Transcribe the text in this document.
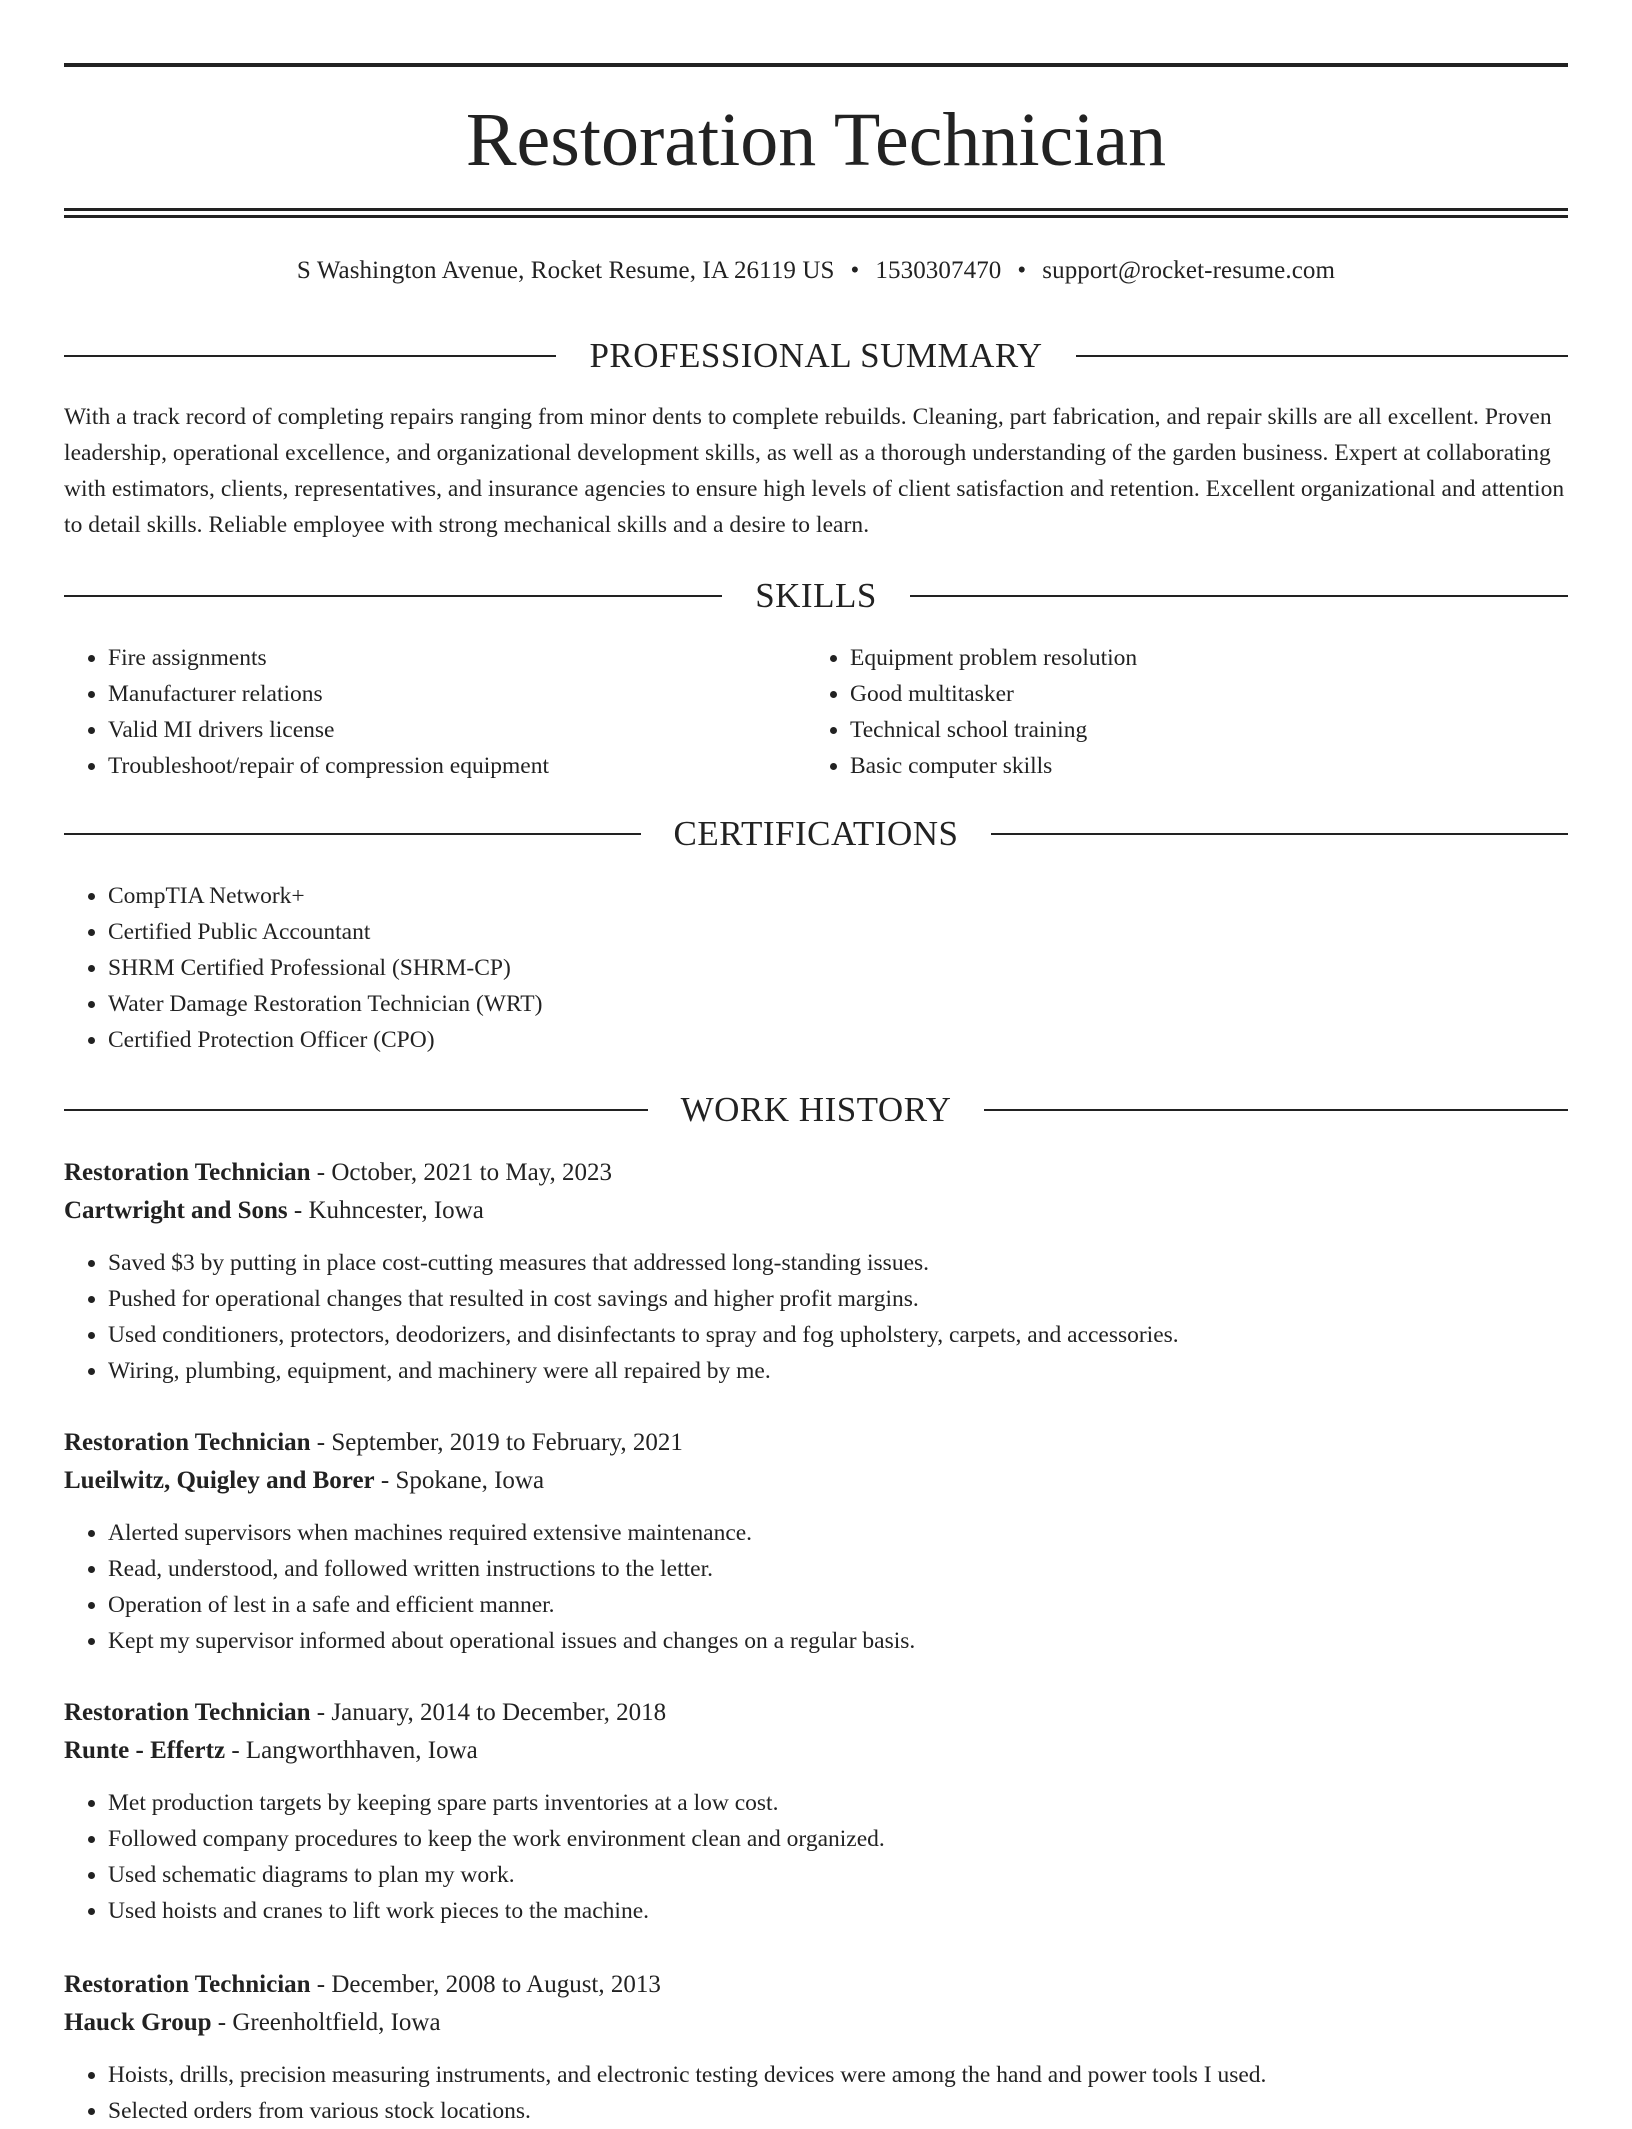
Restoration Technician
S Washington Avenue, Rocket Resume, IA 26119 US • 1530307470 • support@rocket-resume.com
PROFESSIONAL SUMMARY

With a track record of completing repairs ranging from minor dents to complete rebuilds. Cleaning, part fabrication, and repair skills are all excellent. Proven leadership, operational excellence, and organizational development skills, as well as a thorough understanding of the garden business. Expert at collaborating with estimators, clients, representatives, and insurance agencies to ensure high levels of client satisfaction and retention. Excellent organizational and attention to detail skills. Reliable employee with strong mechanical skills and a desire to learn.

SKILLS
• Fire assignments
• Manufacturer relations
• Valid MI drivers license
• Troubleshoot/repair of compression equipment
• Equipment problem resolution
• Good multitasker
• Technical school training
• Basic computer skills
CERTIFICATIONS
• CompTIA Network+
• Certified Public Accountant
• SHRM Certified Professional (SHRM-CP)
• Water Damage Restoration Technician (WRT)
• Certified Protection Officer (CPO)
WORK HISTORY
Restoration Technician - October, 2021 to May, 2023
Cartwright and Sons - Kuhncester, Iowa
• Saved $3 by putting in place cost-cutting measures that addressed long-standing issues.
• Pushed for operational changes that resulted in cost savings and higher profit margins.
• Used conditioners, protectors, deodorizers, and disinfectants to spray and fog upholstery, carpets, and accessories.
• Wiring, plumbing, equipment, and machinery were all repaired by me.
Restoration Technician - September, 2019 to February, 2021
Lueilwitz, Quigley and Borer - Spokane, Iowa
• Alerted supervisors when machines required extensive maintenance.
• Read, understood, and followed written instructions to the letter.
• Operation of lest in a safe and efficient manner.
• Kept my supervisor informed about operational issues and changes on a regular basis.
Restoration Technician - January, 2014 to December, 2018
Runte - Effertz - Langworthhaven, Iowa
• Met production targets by keeping spare parts inventories at a low cost.
• Followed company procedures to keep the work environment clean and organized.
• Used schematic diagrams to plan my work.
• Used hoists and cranes to lift work pieces to the machine.
Restoration Technician - December, 2008 to August, 2013
Hauck Group - Greenholtfield, Iowa
• Hoists, drills, precision measuring instruments, and electronic testing devices were among the hand and power tools I used.
• Selected orders from various stock locations.
